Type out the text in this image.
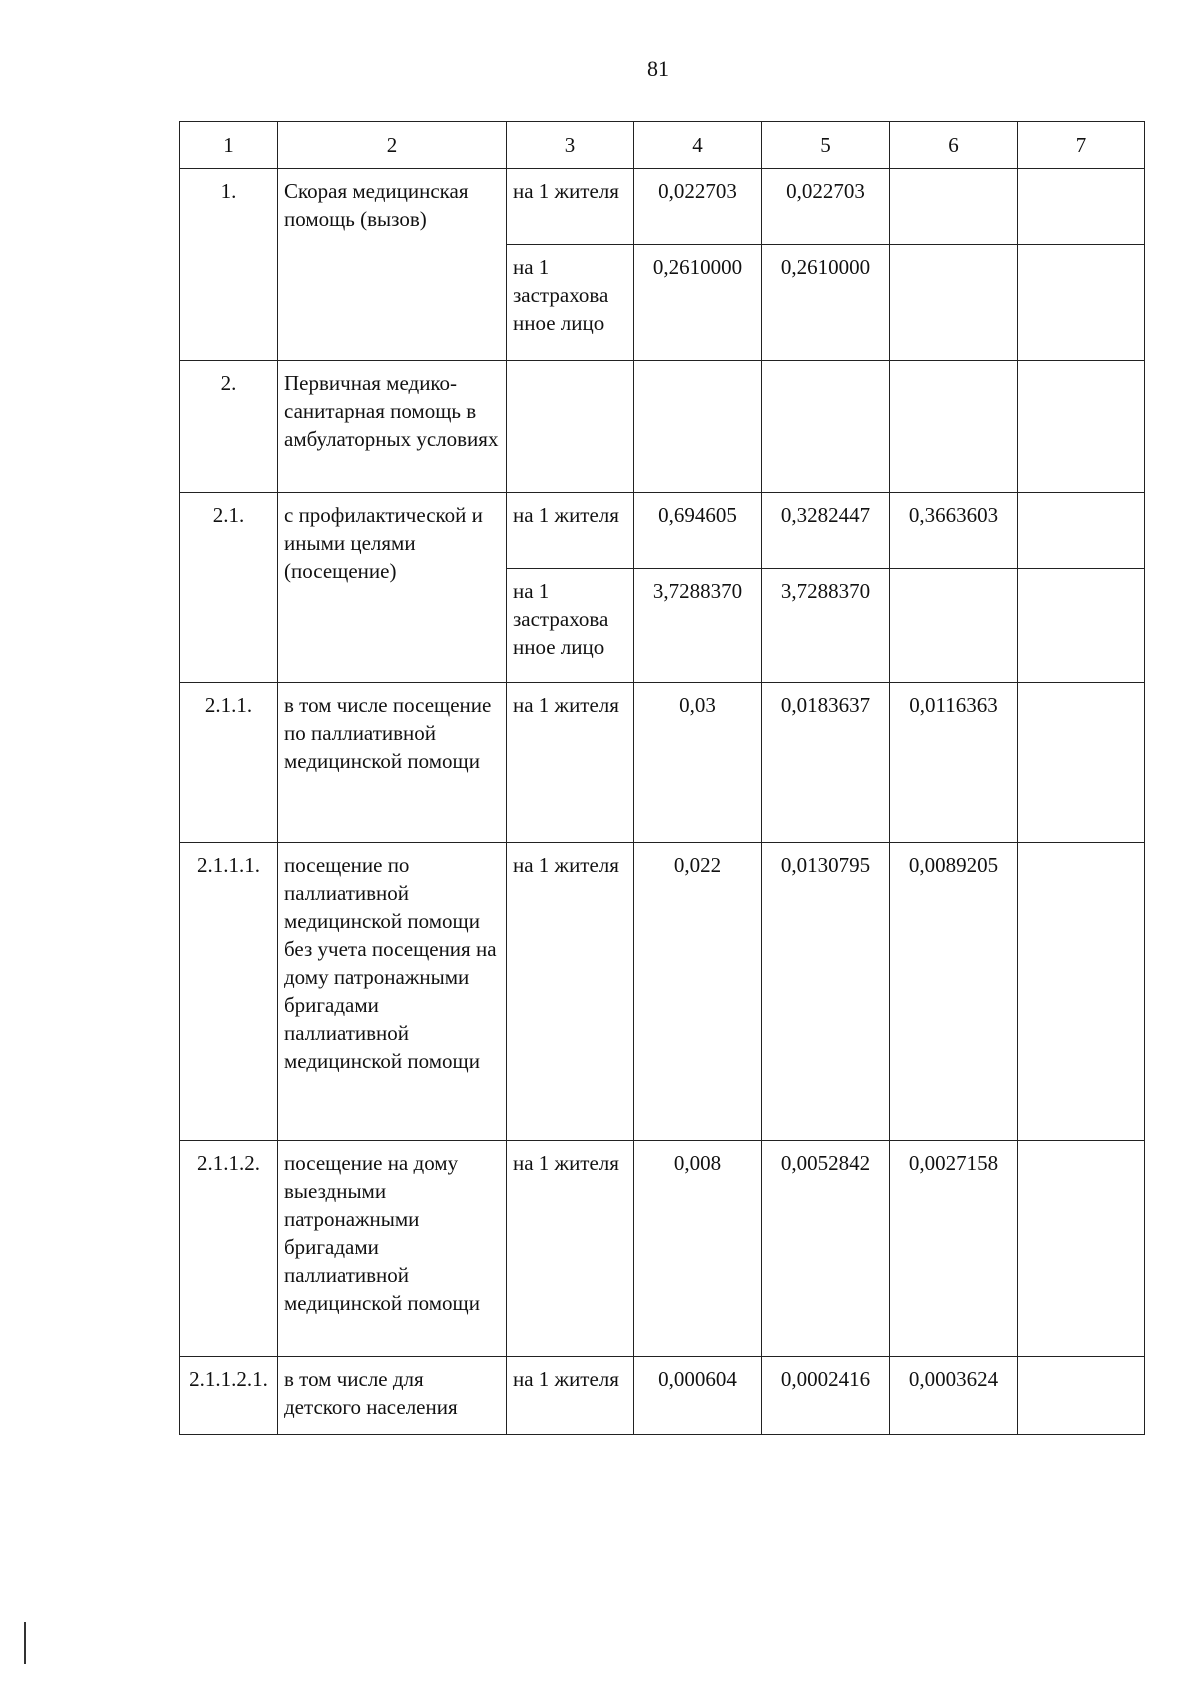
81
1	2	3	4	5	6	7
1.	Скорая медицинская помощь (вызов)	на 1 жителя	0,022703	0,022703		
		на 1 застрахова нное лицо	0,2610000	0,2610000		
2.	Первичная медико-санитарная помощь в амбулаторных условиях					
2.1.	с профилактической и иными целями (посещение)	на 1 жителя	0,694605	0,3282447	0,3663603	
		на 1 застрахова нное лицо	3,7288370	3,7288370		
2.1.1.	в том числе посещение по паллиативной медицинской помощи	на 1 жителя	0,03	0,0183637	0,0116363	
2.1.1.1.	посещение по паллиативной медицинской помощи без учета посещения на дому патронажными бригадами паллиативной медицинской помощи	на 1 жителя	0,022	0,0130795	0,0089205	
2.1.1.2.	посещение на дому выездными патронажными бригадами паллиативной медицинской помощи	на 1 жителя	0,008	0,0052842	0,0027158	
2.1.1.2.1.	в том числе для детского населения	на 1 жителя	0,000604	0,0002416	0,0003624	
